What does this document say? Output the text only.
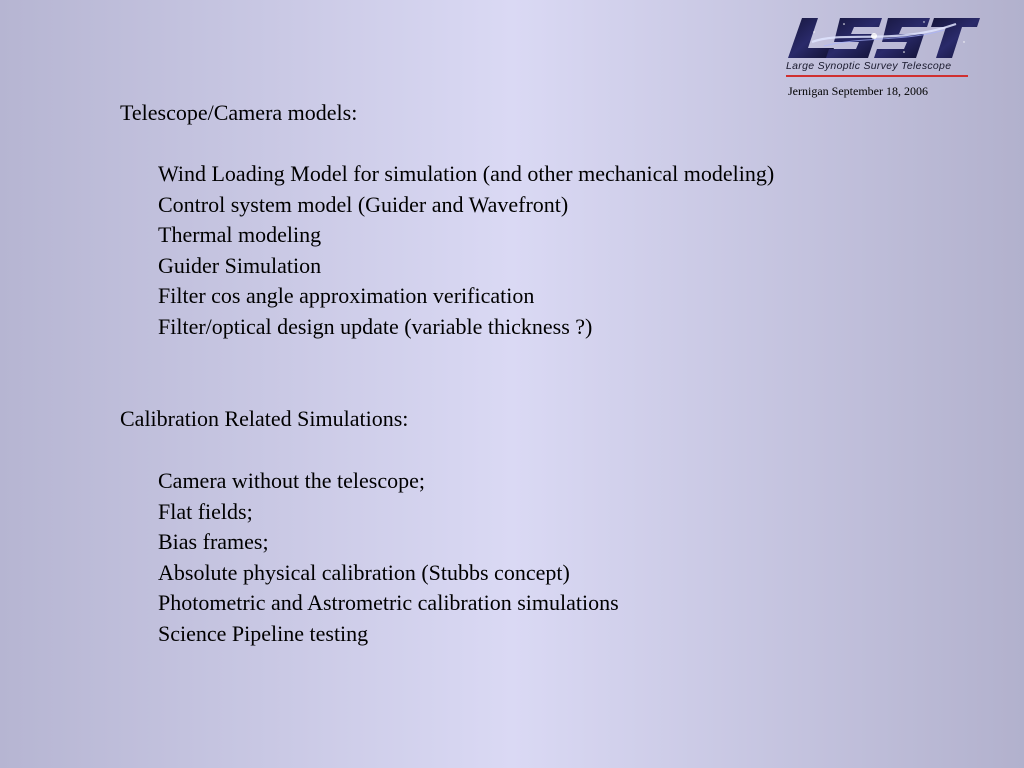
Large Synoptic Survey Telescope
Jernigan September 18, 2006
Telescope/Camera models:
Wind Loading Model for simulation (and other mechanical modeling)
Control system model (Guider and Wavefront)
Thermal modeling
Guider Simulation
Filter cos angle approximation verification
Filter/optical design update (variable thickness ?)
Calibration Related Simulations:
Camera without the telescope;
Flat fields;
Bias frames;
Absolute physical calibration (Stubbs concept)
Photometric and Astrometric calibration simulations
Science Pipeline testing
